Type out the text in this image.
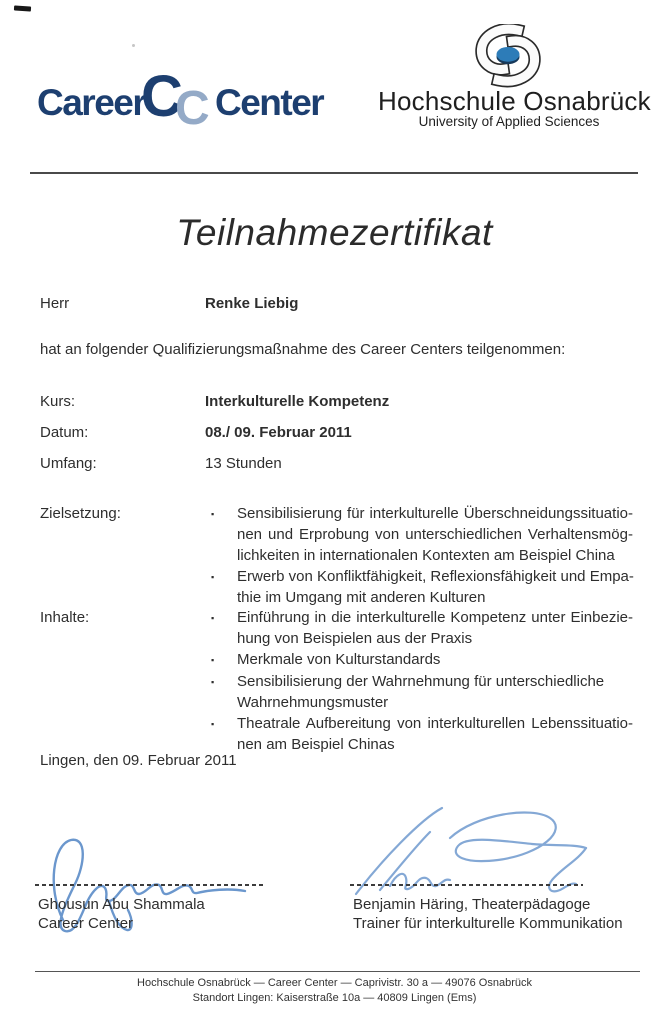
Career
C
C Center Hochschule Osnabrück
University of Applied Sciences
Teilnahmezertifikat
Herr	Renke Liebig
hat an folgender Qualifizierungsmaßnahme des Career Centers teilgenommen:
Kurs:	Interkulturelle Kompetenz
Datum:	08./ 09. Februar 2011
Umfang:	13 Stunden
Zielsetzung:	▪	Sensibilisierung für interkulturelle Überschneidungssituatio-
nen und Erprobung von unterschiedlichen Verhaltensmög-
lichkeiten in internationalen Kontexten am Beispiel China
▪	Erwerb von Konfliktfähigkeit, Reflexionsfähigkeit und Empa-
thie im Umgang mit anderen Kulturen
Inhalte:	▪	Einführung in die interkulturelle Kompetenz unter Einbezie-
hung von Beispielen aus der Praxis
▪	Merkmale von Kulturstandards
▪	Sensibilisierung der Wahrnehmung für unterschiedliche
Wahrnehmungsmuster
▪	Theatrale Aufbereitung von interkulturellen Lebenssituatio-
nen am Beispiel Chinas
Lingen, den 09. Februar 2011
Ghousun Abu Shammala
Career Center
Benjamin Häring, Theaterpädagoge
Trainer für interkulturelle Kommunikation
Hochschule Osnabrück — Career Center — Caprivistr. 30 a — 49076 Osnabrück
Standort Lingen: Kaiserstraße 10a — 40809 Lingen (Ems)
